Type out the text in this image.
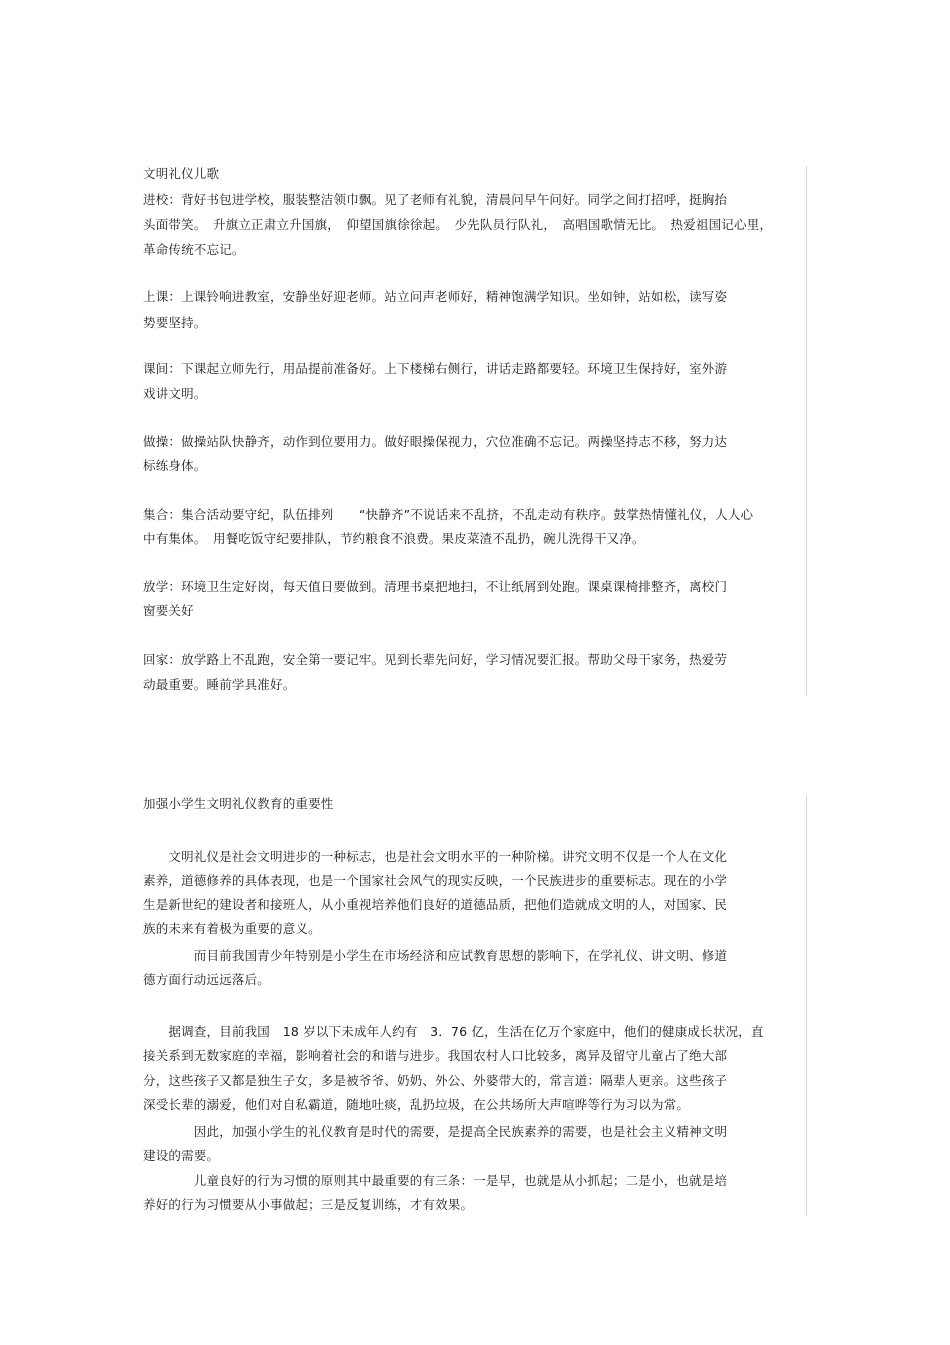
文明礼仪儿歌
进校：背好书包进学校，服装整洁领巾飘。见了老师有礼貌，清晨问早午问好。同学之间打招呼，挺胸抬
头面带笑。　升旗立正肃立升国旗，　仰望国旗徐徐起。　少先队员行队礼，　高唱国歌情无比。　热爱祖国记心里，
革命传统不忘记。
上课：上课铃响进教室，安静坐好迎老师。站立问声老师好，精神饱满学知识。坐如钟，站如松，读写姿
势要坚持。
课间：下课起立师先行，用品提前准备好。上下楼梯右侧行，讲话走路都要轻。环境卫生保持好，室外游
戏讲文明。
做操：做操站队快静齐，动作到位要用力。做好眼操保视力，穴位准确不忘记。两操坚持志不移，努力达
标练身体。
集合：集合活动要守纪，队伍排列　　“快静齐”不说话来不乱挤，不乱走动有秩序。鼓掌热情懂礼仪，人人心
中有集体。　用餐吃饭守纪要排队，节约粮食不浪费。果皮菜渣不乱扔，碗儿洗得干又净。
放学：环境卫生定好岗，每天值日要做到。清理书桌把地扫，不让纸屑到处跑。课桌课椅排整齐，离校门
窗要关好
回家：放学路上不乱跑，安全第一要记牢。见到长辈先问好，学习情况要汇报。帮助父母干家务，热爱劳
动最重要。睡前学具准好。
加强小学生文明礼仪教育的重要性
　　文明礼仪是社会文明进步的一种标志，也是社会文明水平的一种阶梯。讲究文明不仅是一个人在文化
素养，道德修养的具体表现，也是一个国家社会风气的现实反映，一个民族进步的重要标志。现在的小学
生是新世纪的建设者和接班人，从小重视培养他们良好的道德品质，把他们造就成文明的人，对国家、民
族的未来有着极为重要的意义。
　　　　而目前我国青少年特别是小学生在市场经济和应试教育思想的影响下，在学礼仪、讲文明、修道
德方面行动远远落后。
　　据调查，目前我国　18 岁以下未成年人约有　3．76 亿，生活在亿万个家庭中，他们的健康成长状况，直
接关系到无数家庭的幸福，影响着社会的和谐与进步。我国农村人口比较多，离异及留守儿童占了绝大部
分，这些孩子又都是独生子女，多是被爷爷、奶奶、外公、外婆带大的，常言道：隔辈人更亲。这些孩子
深受长辈的溺爱，他们对自私霸道，随地吐痰，乱扔垃圾，在公共场所大声喧哗等行为习以为常。
　　　　因此，加强小学生的礼仪教育是时代的需要，是提高全民族素养的需要，也是社会主义精神文明
建设的需要。
　　　　儿童良好的行为习惯的原则其中最重要的有三条：一是早，也就是从小抓起；二是小，也就是培
养好的行为习惯要从小事做起；三是反复训练，才有效果。
